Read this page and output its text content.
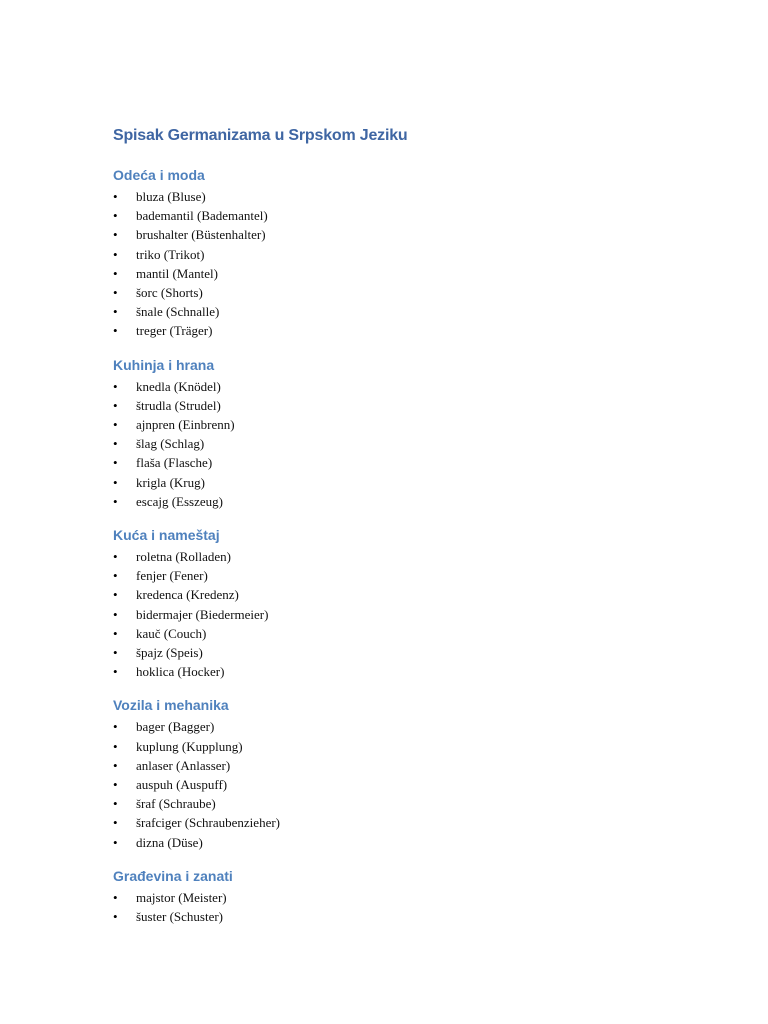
Spisak Germanizama u Srpskom Jeziku
Odeća i moda
• bluza (Bluse)
• bademantil (Bademantel)
• brushalter (Büstenhalter)
• triko (Trikot)
• mantil (Mantel)
• šorc (Shorts)
• šnale (Schnalle)
• treger (Träger)
Kuhinja i hrana
• knedla (Knödel)
• štrudla (Strudel)
• ajnpren (Einbrenn)
• šlag (Schlag)
• flaša (Flasche)
• krigla (Krug)
• escajg (Esszeug)
Kuća i nameštaj
• roletna (Rolladen)
• fenjer (Fener)
• kredenca (Kredenz)
• bidermajer (Biedermeier)
• kauč (Couch)
• špajz (Speis)
• hoklica (Hocker)
Vozila i mehanika
• bager (Bagger)
• kuplung (Kupplung)
• anlaser (Anlasser)
• auspuh (Auspuff)
• šraf (Schraube)
• šrafciger (Schraubenzieher)
• dizna (Düse)
Građevina i zanati
• majstor (Meister)
• šuster (Schuster)
